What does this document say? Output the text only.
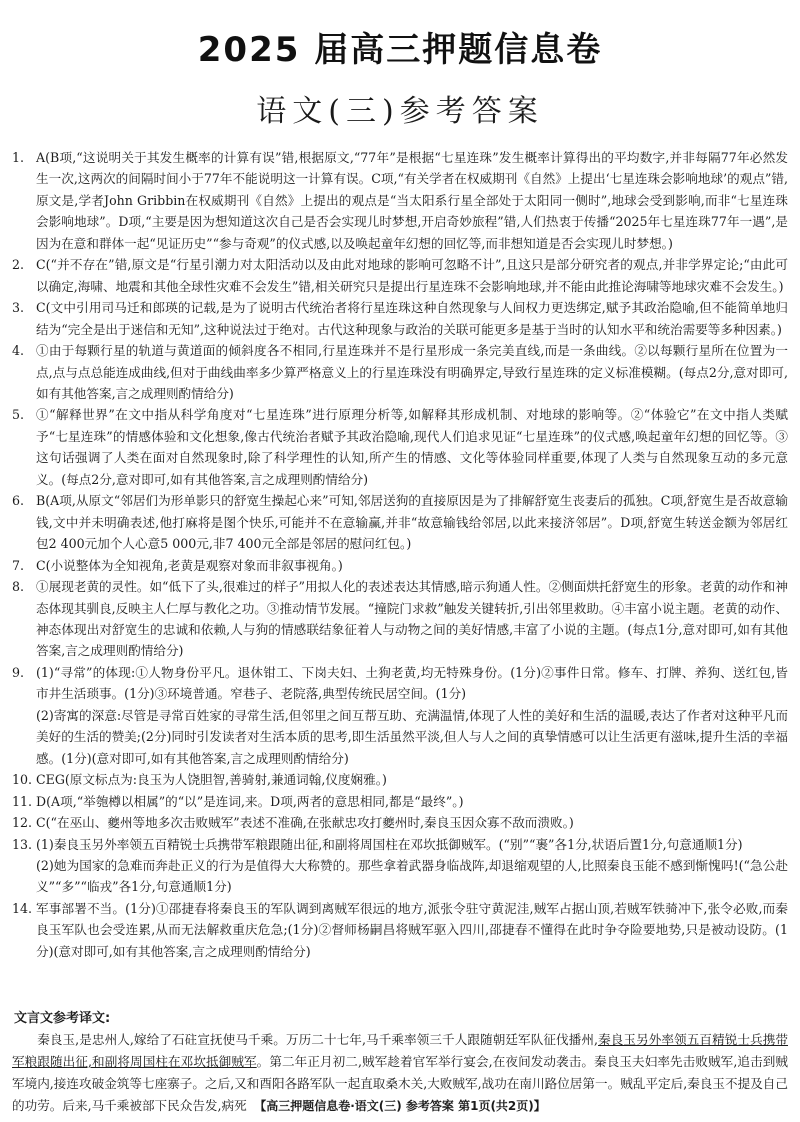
2025 届高三押题信息卷
语文(三)参考答案
1. A(B项,“这说明关于其发生概率的计算有误”错,根据原文,“77年”是根据“七星连珠”发生概率计算得出的平均数字,并非每隔77年必然发生一次,这两次的间隔时间小于77年不能说明这一计算有误。C项,“有关学者在权威期刊《自然》上提出‘七星连珠会影响地球’的观点”错,原文是,学者John Gribbin在权威期刊《自然》上提出的观点是“当太阳系行星全部处于太阳同一侧时”,地球会受到影响,而非“七星连珠会影响地球”。D项,“主要是因为想知道这次自己是否会实现儿时梦想,开启奇妙旅程”错,人们热衷于传播“2025年七星连珠77年一遇”,是因为在意和群体一起“见证历史”“参与奇观”的仪式感,以及唤起童年幻想的回忆等,而非想知道是否会实现儿时梦想。)
2. C(“并不存在”错,原文是“行星引潮力对太阳活动以及由此对地球的影响可忽略不计”,且这只是部分研究者的观点,并非学界定论;“由此可以确定,海啸、地震和其他全球性灾难不会发生”错,相关研究只是提出行星连珠不会影响地球,并不能由此推论海啸等地球灾难不会发生。)
3. C(文中引用司马迁和郎瑛的记载,是为了说明古代统治者将行星连珠这种自然现象与人间权力更迭绑定,赋予其政治隐喻,但不能简单地归结为“完全是出于迷信和无知”,这种说法过于绝对。古代这种现象与政治的关联可能更多是基于当时的认知水平和统治需要等多种因素。)
4. ①由于每颗行星的轨道与黄道面的倾斜度各不相同,行星连珠并不是行星形成一条完美直线,而是一条曲线。②以每颗行星所在位置为一点,点与点总能连成曲线,但对于曲线曲率多少算严格意义上的行星连珠没有明确界定,导致行星连珠的定义标准模糊。(每点2分,意对即可,如有其他答案,言之成理则酌情给分)
5. ①“解释世界”在文中指从科学角度对“七星连珠”进行原理分析等,如解释其形成机制、对地球的影响等。②“体验它”在文中指人类赋予“七星连珠”的情感体验和文化想象,像古代统治者赋予其政治隐喻,现代人们追求见证“七星连珠”的仪式感,唤起童年幻想的回忆等。③这句话强调了人类在面对自然现象时,除了科学理性的认知,所产生的情感、文化等体验同样重要,体现了人类与自然现象互动的多元意义。(每点2分,意对即可,如有其他答案,言之成理则酌情给分)
6. B(A项,从原文“邻居们为形单影只的舒宽生操起心来”可知,邻居送狗的直接原因是为了排解舒宽生丧妻后的孤独。C项,舒宽生是否故意输钱,文中并未明确表述,他打麻将是图个快乐,可能并不在意输赢,并非“故意输钱给邻居,以此来接济邻居”。D项,舒宽生转送金额为邻居红包2 400元加个人心意5 000元,非7 400元全部是邻居的慰问红包。)
7. C(小说整体为全知视角,老黄是观察对象而非叙事视角。)
8. ①展现老黄的灵性。如“低下了头,很难过的样子”用拟人化的表述表达其情感,暗示狗通人性。②侧面烘托舒宽生的形象。老黄的动作和神态体现其驯良,反映主人仁厚与教化之功。③推动情节发展。“撞院门求救”触发关键转折,引出邻里救助。④丰富小说主题。老黄的动作、神态体现出对舒宽生的忠诚和依赖,人与狗的情感联结象征着人与动物之间的美好情感,丰富了小说的主题。(每点1分,意对即可,如有其他答案,言之成理则酌情给分)
9. (1)“寻常”的体现:①人物身份平凡。退休钳工、下岗夫妇、土狗老黄,均无特殊身份。(1分)②事件日常。修车、打牌、养狗、送红包,皆市井生活琐事。(1分)③环境普通。窄巷子、老院落,典型传统民居空间。(1分)
(2)寄寓的深意:尽管是寻常百姓家的寻常生活,但邻里之间互帮互助、充满温情,体现了人性的美好和生活的温暖,表达了作者对这种平凡而美好的生活的赞美;(2分)同时引发读者对生活本质的思考,即生活虽然平淡,但人与人之间的真挚情感可以让生活更有滋味,提升生活的幸福感。(1分)(意对即可,如有其他答案,言之成理则酌情给分)
10. CEG(原文标点为:良玉为人饶胆智,善骑射,兼通词翰,仪度娴雅。)
11. D(A项,“举匏樽以相属”的“以”是连词,来。D项,两者的意思相同,都是“最终”。)
12. C(“在巫山、夔州等地多次击败贼军”表述不准确,在张献忠攻打夔州时,秦良玉因众寡不敌而溃败。)
13. (1)秦良玉另外率领五百精锐士兵携带军粮跟随出征,和副将周国柱在邓坎抵御贼军。(“别”“裹”各1分,状语后置1分,句意通顺1分)
(2)她为国家的急难而奔赴正义的行为是值得大大称赞的。那些拿着武器身临战阵,却退缩观望的人,比照秦良玉能不感到惭愧吗!(“急公赴义”“多”“临戎”各1分,句意通顺1分)
14. 军事部署不当。(1分)①邵捷春将秦良玉的军队调到离贼军很远的地方,派张令驻守黄泥洼,贼军占据山顶,若贼军铁骑冲下,张令必败,而秦良玉军队也会受连累,从而无法解救重庆危急;(1分)②督师杨嗣昌将贼军驱入四川,邵捷春不懂得在此时争夺险要地势,只是被动设防。(1分)(意对即可,如有其他答案,言之成理则酌情给分)
文言文参考译文:
秦良玉,是忠州人,嫁给了石砫宣抚使马千乘。万历二十七年,马千乘率领三千人跟随朝廷军队征伐播州,秦良玉另外率领五百精锐士兵携带军粮跟随出征,和副将周国柱在邓坎抵御贼军。第二年正月初二,贼军趁着官军举行宴会,在夜间发动袭击。秦良玉夫妇率先击败贼军,追击到贼军境内,接连攻破金筑等七座寨子。之后,又和酉阳各路军队一起直取桑木关,大败贼军,战功在南川路位居第一。贼乱平定后,秦良玉不提及自己的功劳。后来,马千乘被部下民众告发,病死 【高三押题信息卷·语文(三) 参考答案 第1页(共2页)】
